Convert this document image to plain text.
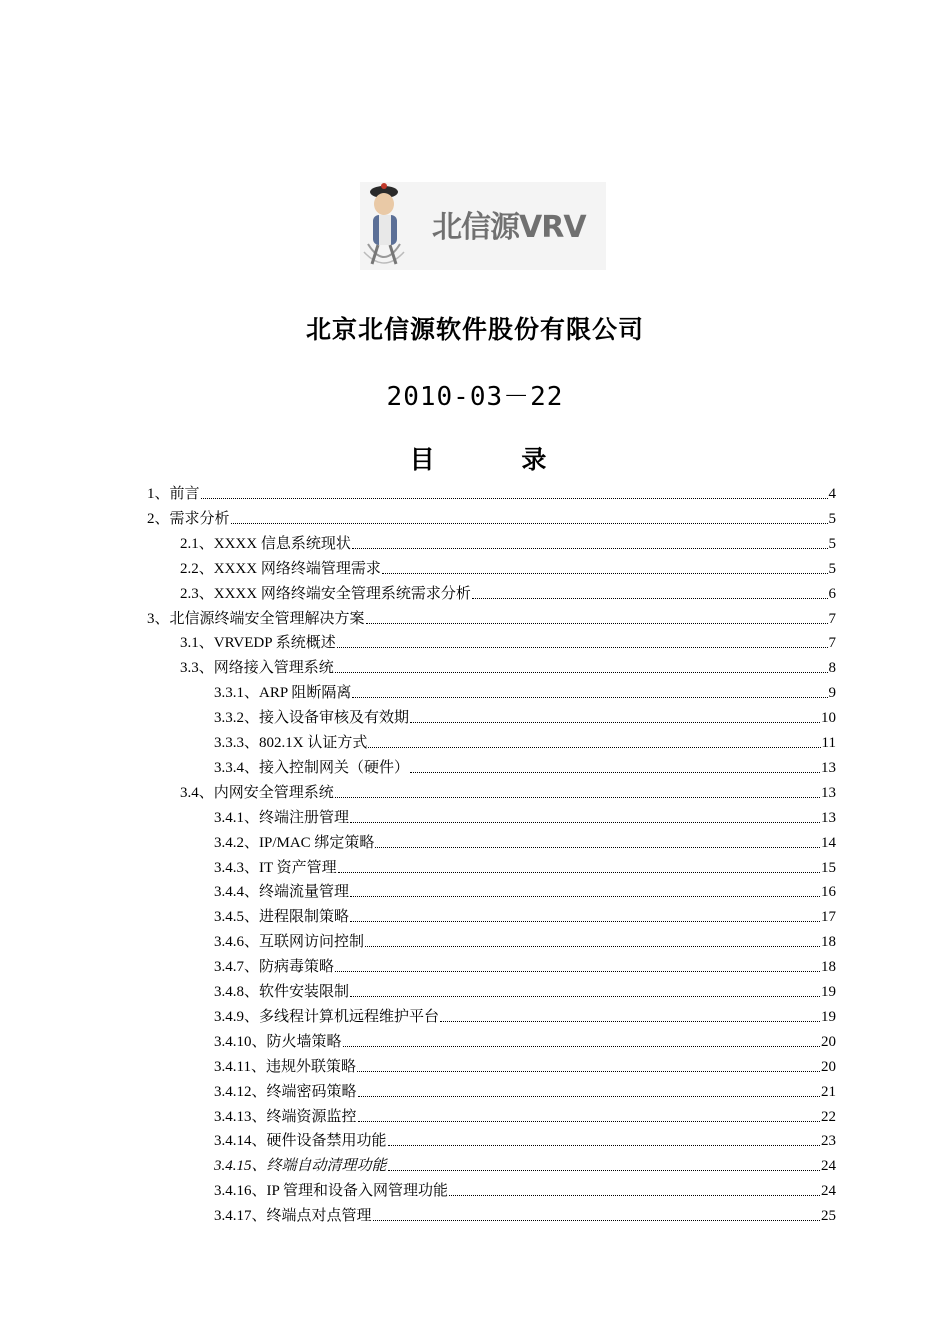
北信源VRV
北京北信源软件股份有限公司
2010-03－22
目 录
1、前言	4
2、需求分析	5
2.1、XXXX 信息系统现状	5
2.2、XXXX 网络终端管理需求	5
2.3、XXXX 网络终端安全管理系统需求分析	6
3、北信源终端安全管理解决方案	7
3.1、VRVEDP 系统概述	7
3.3、网络接入管理系统	8
3.3.1、ARP 阻断隔离	9
3.3.2、接入设备审核及有效期	10
3.3.3、802.1X 认证方式	11
3.3.4、接入控制网关（硬件）	13
3.4、内网安全管理系统	13
3.4.1、终端注册管理	13
3.4.2、IP/MAC 绑定策略	14
3.4.3、IT 资产管理	15
3.4.4、终端流量管理	16
3.4.5、进程限制策略	17
3.4.6、互联网访问控制	18
3.4.7、防病毒策略	18
3.4.8、软件安装限制	19
3.4.9、多线程计算机远程维护平台	19
3.4.10、防火墙策略	20
3.4.11、违规外联策略	20
3.4.12、终端密码策略	21
3.4.13、终端资源监控	22
3.4.14、硬件设备禁用功能	23
3.4.15、终端自动清理功能	24
3.4.16、IP 管理和设备入网管理功能	24
3.4.17、终端点对点管理	25
